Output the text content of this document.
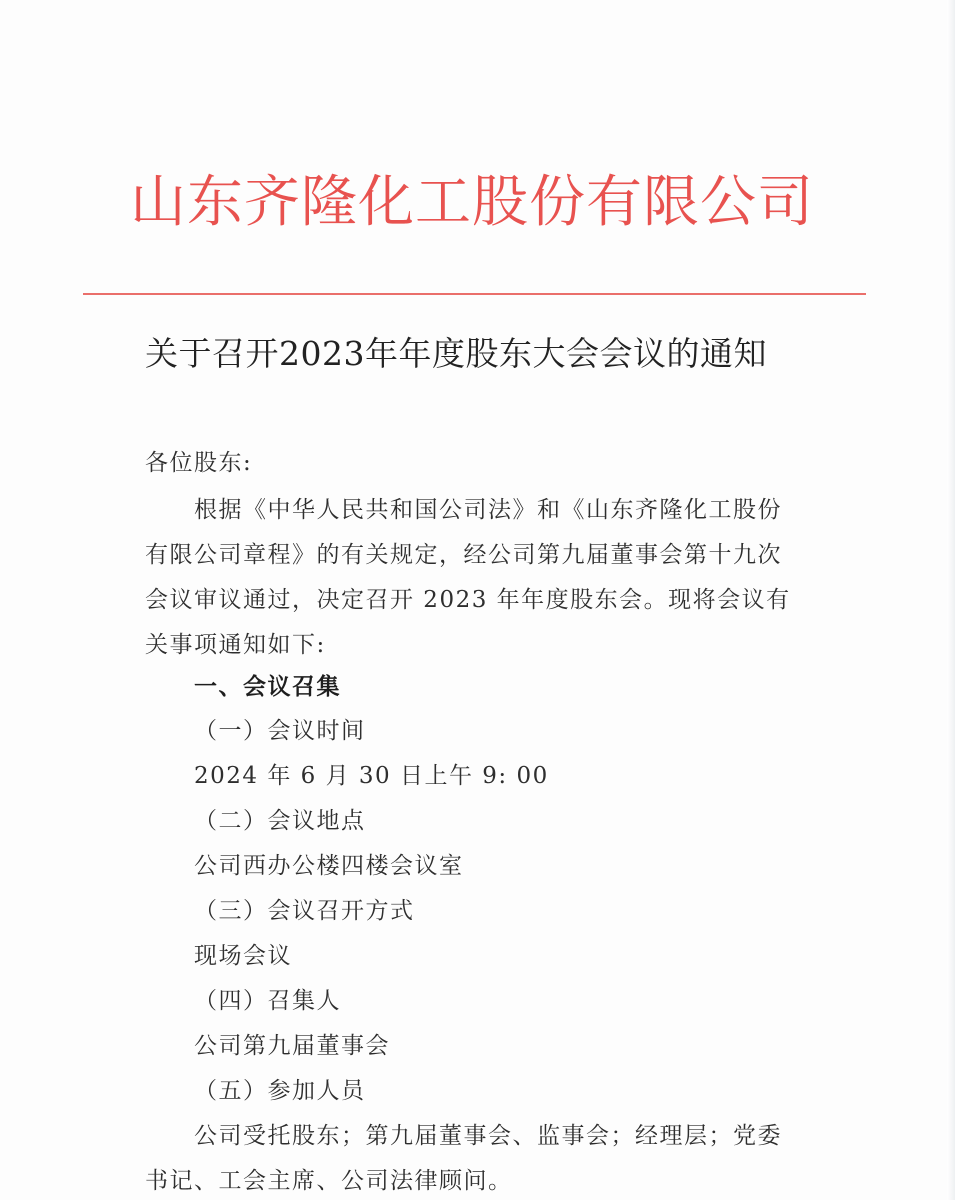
山东齐隆化工股份有限公司
关于召开2023年年度股东大会会议的通知
各位股东:
根据《中华人民共和国公司法》和《山东齐隆化工股份
有限公司章程》的有关规定，经公司第九届董事会第十九次
会议审议通过，决定召开 2023 年年度股东会。现将会议有
关事项通知如下:
一、会议召集
（一）会议时间
2024 年 6 月 30 日上午 9: 00
（二）会议地点
公司西办公楼四楼会议室
（三）会议召开方式
现场会议
（四）召集人
公司第九届董事会
（五）参加人员
公司受托股东；第九届董事会、监事会；经理层；党委
书记、工会主席、公司法律顾问。
